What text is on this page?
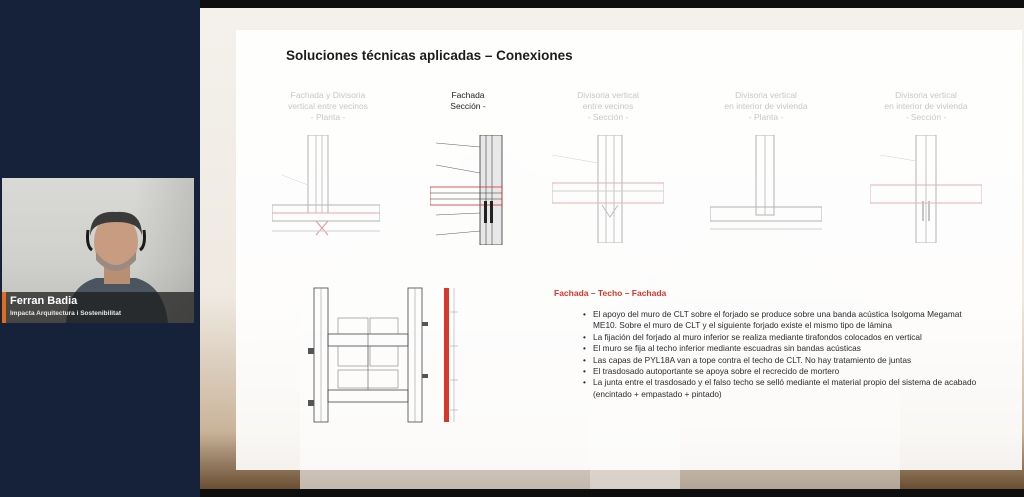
Ferran Badia
Impacta Arquitectura i Sostenibilitat
Soluciones técnicas aplicadas – Conexiones
Fachada y Divisoria
vertical entre vecinos
- Planta -
Fachada
Sección -
Divisoria vertical
entre vecinos
- Sección -
Divisoria vertical
en interior de vivienda
- Planta -
Divisoria vertical
en interior de vivienda
- Sección -
Fachada – Techo – Fachada
• El apoyo del muro de CLT sobre el forjado se produce sobre una banda acústica Isolgoma Megamat ME10. Sobre el muro de CLT y el siguiente forjado existe el mismo tipo de lámina
• La fijación del forjado al muro inferior se realiza mediante tirafondos colocados en vertical
• El muro se fija al techo inferior mediante escuadras sin bandas acústicas
• Las capas de PYL18A van a tope contra el techo de CLT. No hay tratamiento de juntas
• El trasdosado autoportante se apoya sobre el recrecido de mortero
• La junta entre el trasdosado y el falso techo se selló mediante el material propio del sistema de acabado (encintado + empastado + pintado)
